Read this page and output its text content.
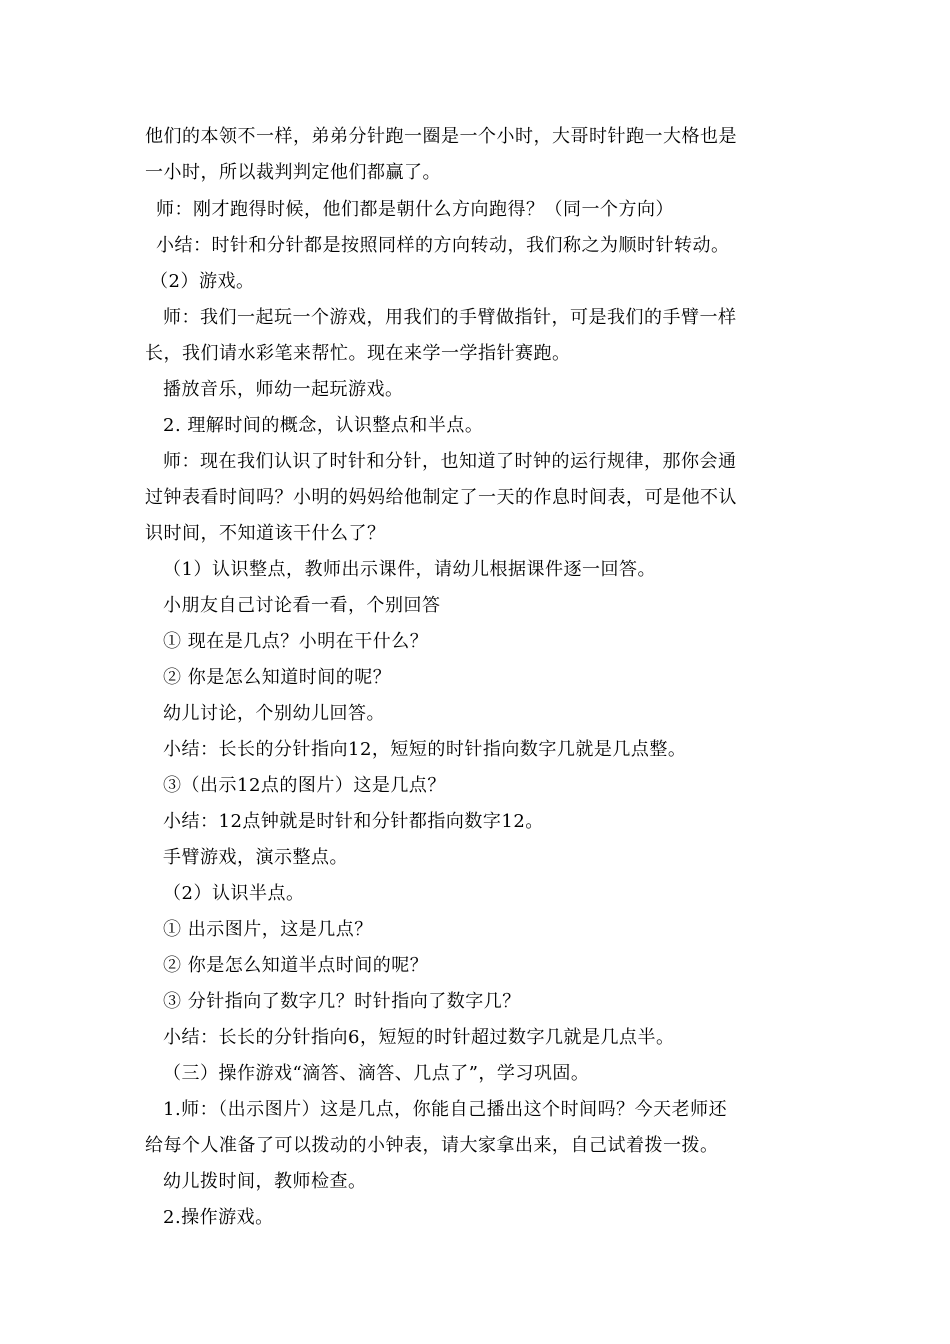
他们的本领不一样，弟弟分针跑一圈是一个小时，大哥时针跑一大格也是
一小时，所以裁判判定他们都赢了。
师：刚才跑得时候，他们都是朝什么方向跑得？（同一个方向）
小结：时针和分针都是按照同样的方向转动，我们称之为顺时针转动。
（2）游戏。
师：我们一起玩一个游戏，用我们的手臂做指针，可是我们的手臂一样
长，我们请水彩笔来帮忙。现在来学一学指针赛跑。
播放音乐，师幼一起玩游戏。
2. 理解时间的概念，认识整点和半点。
师：现在我们认识了时针和分针，也知道了时钟的运行规律，那你会通
过钟表看时间吗？小明的妈妈给他制定了一天的作息时间表，可是他不认
识时间，不知道该干什么了？
（1）认识整点，教师出示课件，请幼儿根据课件逐一回答。
小朋友自己讨论看一看，个别回答
① 现在是几点？小明在干什么？
② 你是怎么知道时间的呢？
幼儿讨论，个别幼儿回答。
小结：长长的分针指向12，短短的时针指向数字几就是几点整。
③（出示12点的图片）这是几点？
小结：12点钟就是时针和分针都指向数字12。
手臂游戏，演示整点。
（2）认识半点。
① 出示图片，这是几点？
② 你是怎么知道半点时间的呢？
③ 分针指向了数字几？时针指向了数字几？
小结：长长的分针指向6，短短的时针超过数字几就是几点半。
（三）操作游戏“滴答、滴答、几点了”，学习巩固。
1.师：（出示图片）这是几点，你能自己播出这个时间吗？今天老师还
给每个人准备了可以拨动的小钟表，请大家拿出来，自己试着拨一拨。
幼儿拨时间，教师检查。
2.操作游戏。
